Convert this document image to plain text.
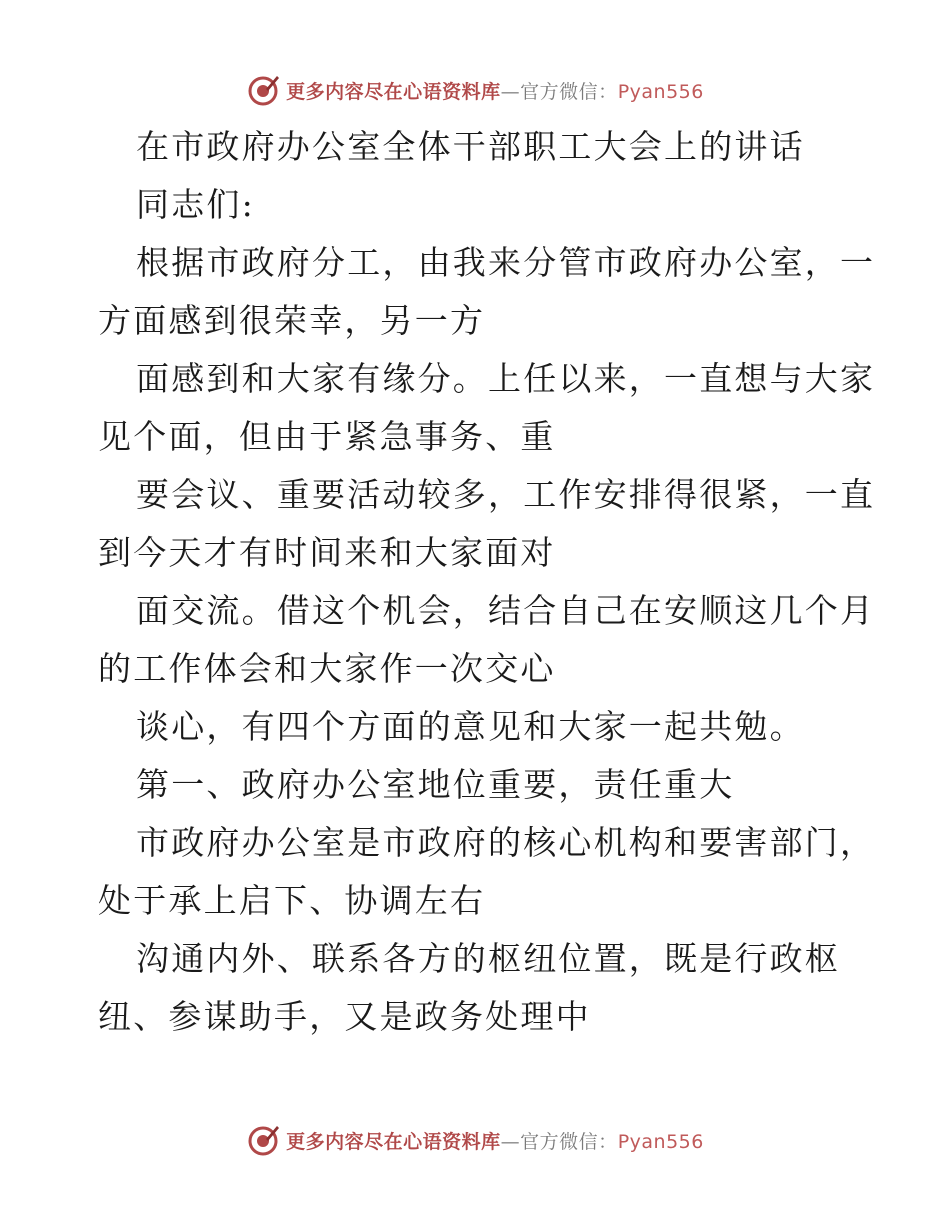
更多内容尽在心语资料库—官方微信：Pyan556
在市政府办公室全体干部职工大会上的讲话
同志们:
根据市政府分工，由我来分管市政府办公室，一
方面感到很荣幸，另一方
面感到和大家有缘分。上任以来，一直想与大家
见个面，但由于紧急事务、重
要会议、重要活动较多，工作安排得很紧，一直
到今天才有时间来和大家面对
面交流。借这个机会，结合自己在安顺这几个月
的工作体会和大家作一次交心
谈心，有四个方面的意见和大家一起共勉。
第一、政府办公室地位重要，责任重大
市政府办公室是市政府的核心机构和要害部门，
处于承上启下、协调左右
沟通内外、联系各方的枢纽位置，既是行政枢
纽、参谋助手，又是政务处理中
更多内容尽在心语资料库—官方微信：Pyan556
